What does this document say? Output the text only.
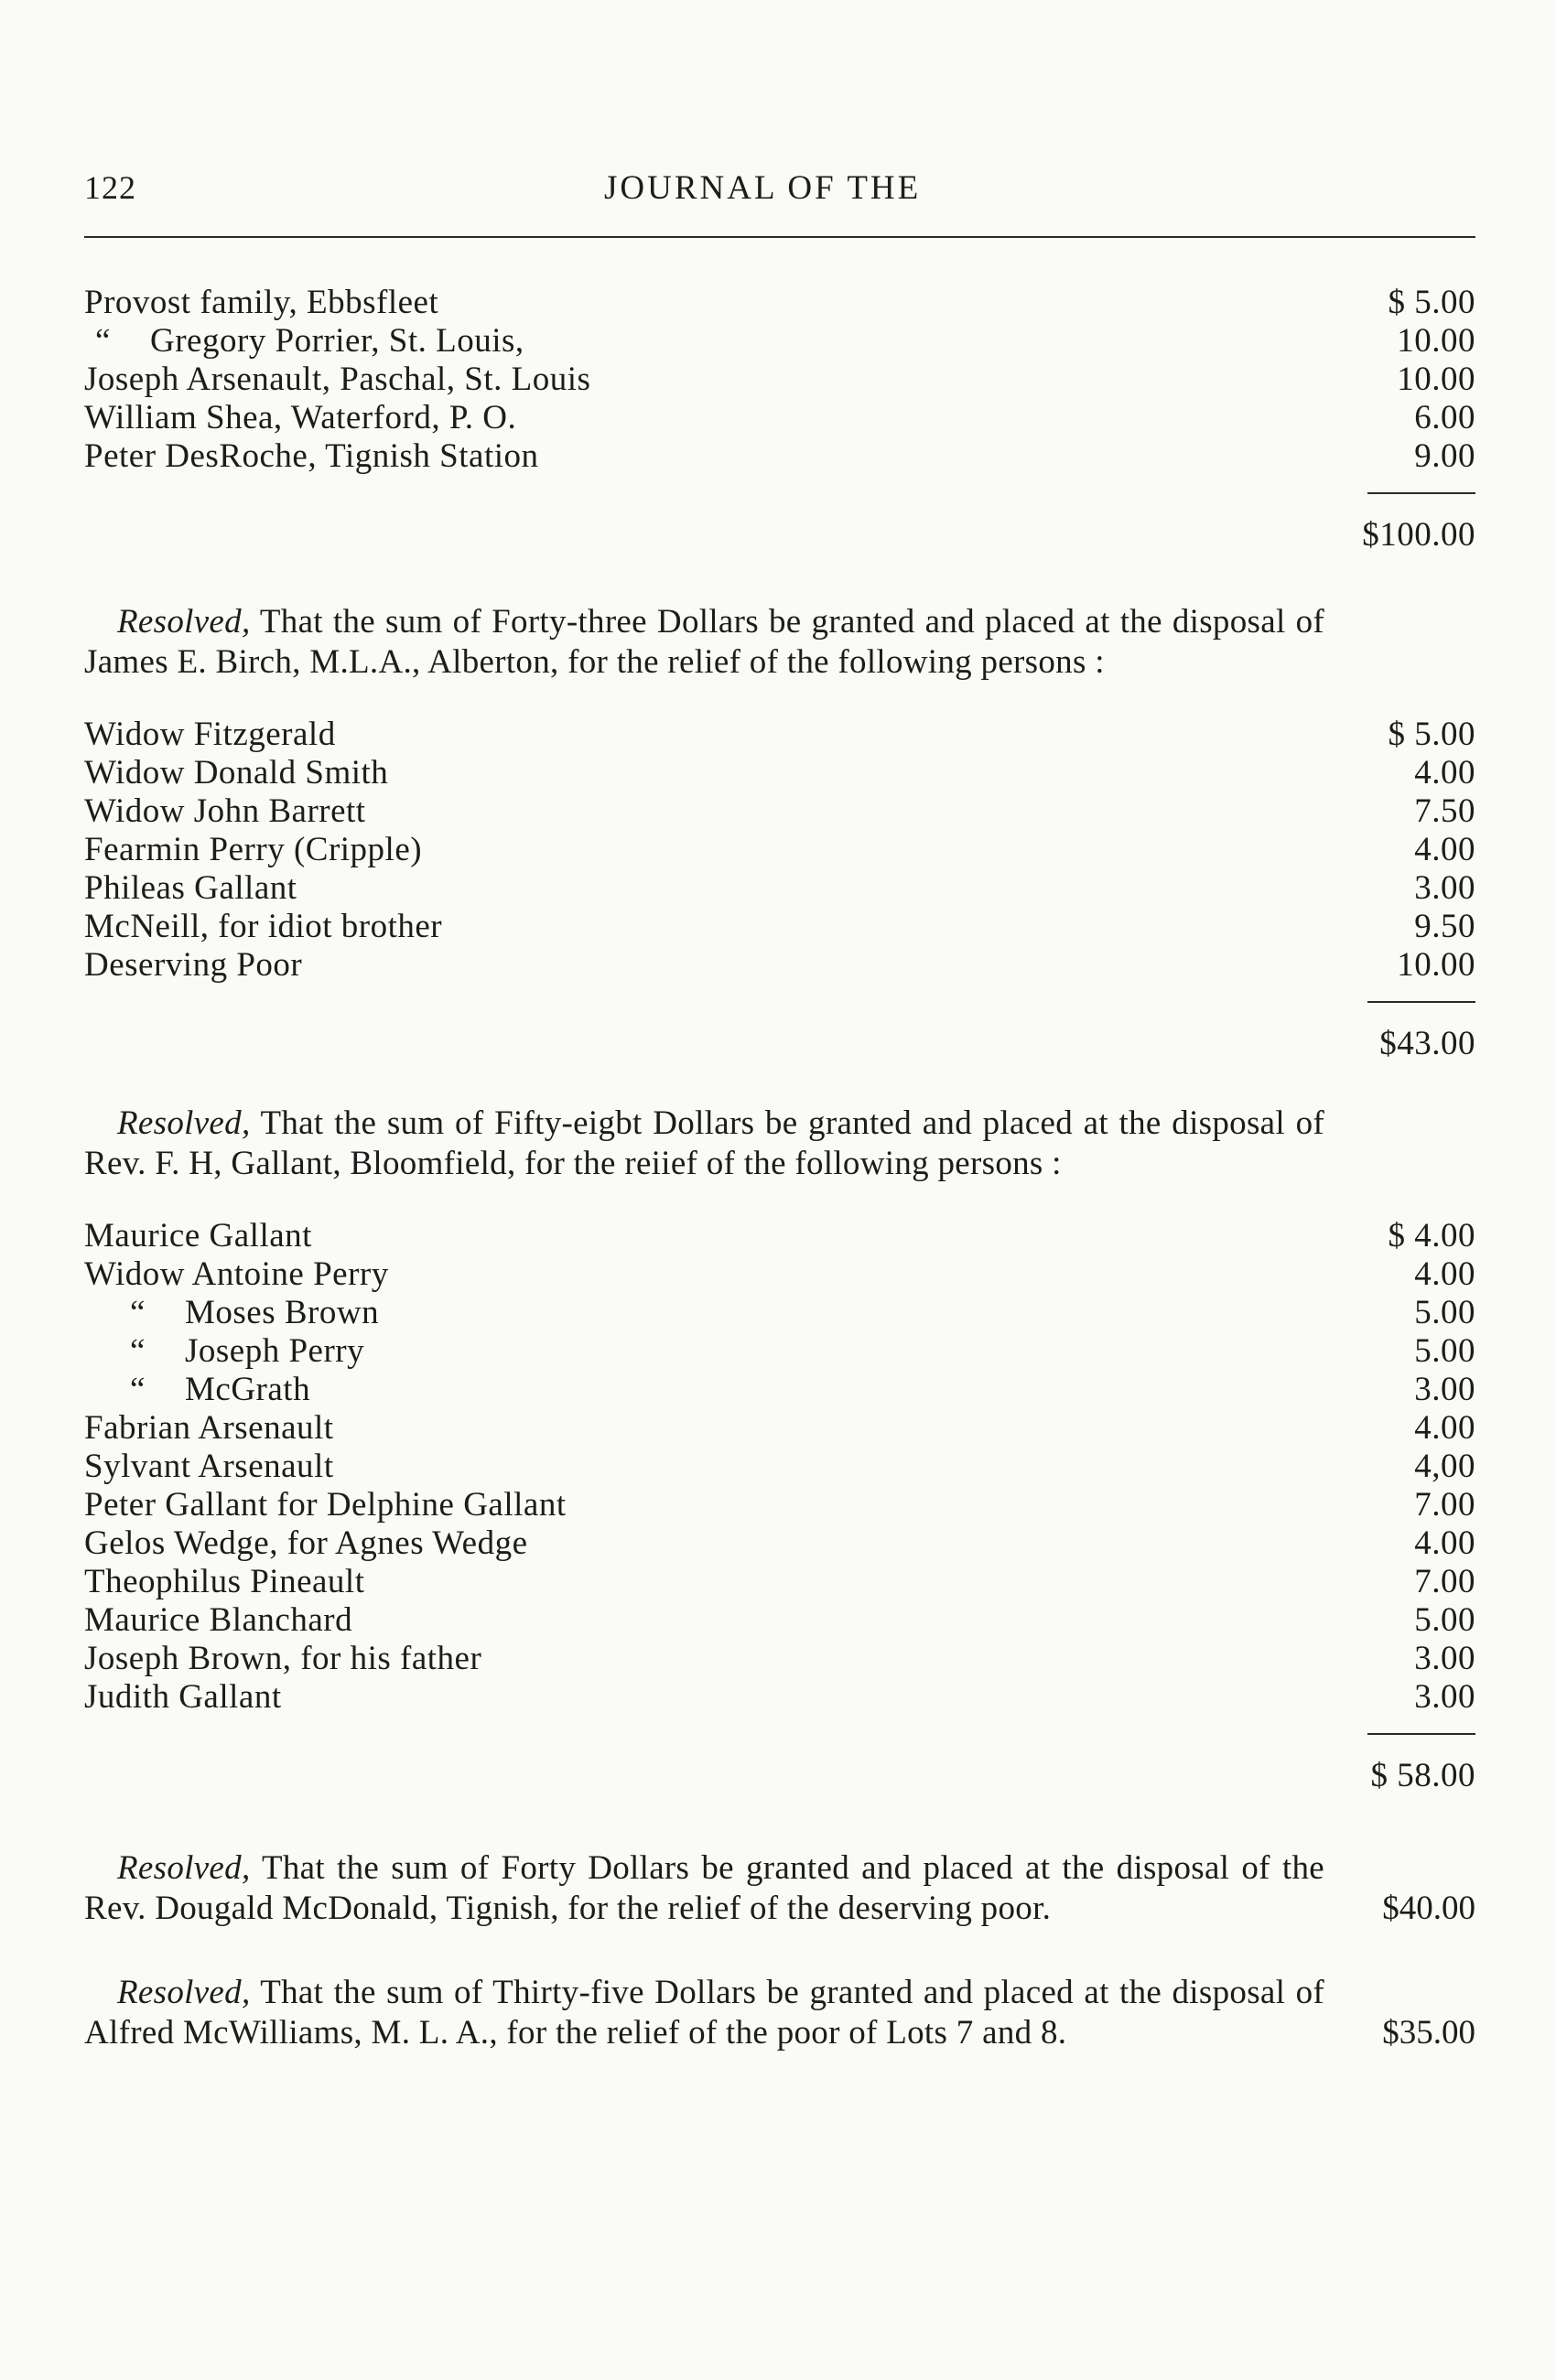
122	JOURNAL OF THE
Provost family, Ebbsfleet	$ 5.00
“ Gregory Porrier, St. Louis,	10.00
Joseph Arsenault, Paschal, St. Louis	10.00
William Shea, Waterford, P. O.	6.00
Peter DesRoche, Tignish Station	9.00
$100.00
Resolved, That the sum of Forty-three Dollars be granted and placed at the disposal of James E. Birch, M.L.A., Alberton, for the relief of the following persons :
Widow Fitzgerald	$ 5.00
Widow Donald Smith	4.00
Widow John Barrett	7.50
Fearmin Perry (Cripple)	4.00
Phileas Gallant	3.00
McNeill, for idiot brother	9.50
Deserving Poor	10.00
$43.00
Resolved, That the sum of Fifty-eigbt Dollars be granted and placed at the disposal of Rev. F. H, Gallant, Bloomfield, for the reiief of the following persons :
Maurice Gallant	$ 4.00
Widow Antoine Perry	4.00
“ Moses Brown	5.00
“ Joseph Perry	5.00
“ McGrath	3.00
Fabrian Arsenault	4.00
Sylvant Arsenault	4,00
Peter Gallant for Delphine Gallant	7.00
Gelos Wedge, for Agnes Wedge	4.00
Theophilus Pineault	7.00
Maurice Blanchard	5.00
Joseph Brown, for his father	3.00
Judith Gallant	3.00
$ 58.00
Resolved, That the sum of Forty Dollars be granted and placed at the disposal of the Rev. Dougald McDonald, Tignish, for the relief of the deserving poor.	$40.00
Resolved, That the sum of Thirty-five Dollars be granted and placed at the disposal of Alfred McWilliams, M. L. A., for the relief of the poor of Lots 7 and 8.	$35.00
